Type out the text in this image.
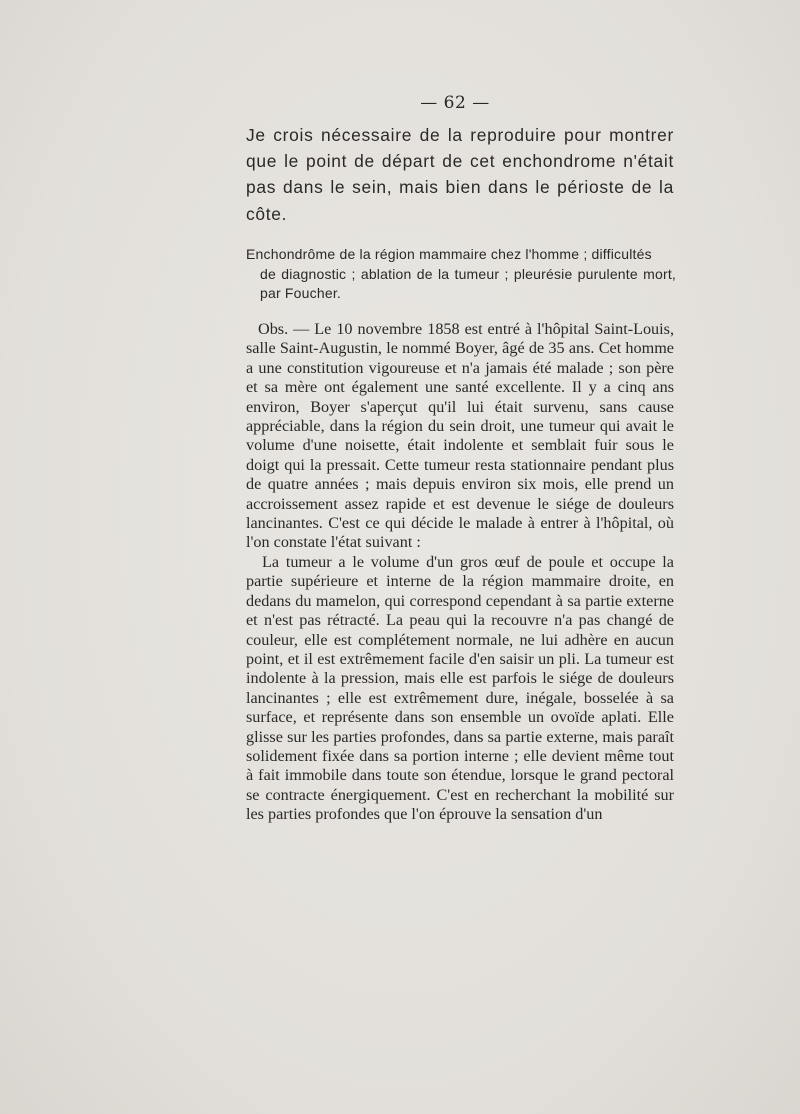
— 62 —
Je crois nécessaire de la reproduire pour montrer que le point de départ de cet enchondrome n'était pas dans le sein, mais bien dans le périoste de la côte.
Enchondrôme de la région mammaire chez l'homme ; difficultés
de diagnostic ; ablation de la tumeur ; pleurésie purulente mort, par Foucher.

Obs. — Le 10 novembre 1858 est entré à l'hôpital Saint-Louis, salle Saint-Augustin, le nommé Boyer, âgé de 35 ans. Cet homme a une constitution vigoureuse et n'a jamais été malade ; son père et sa mère ont également une santé excellente. Il y a cinq ans environ, Boyer s'aperçut qu'il lui était survenu, sans cause appréciable, dans la région du sein droit, une tumeur qui avait le volume d'une noisette, était indolente et semblait fuir sous le doigt qui la pressait. Cette tumeur resta stationnaire pendant plus de quatre années ; mais depuis environ six mois, elle prend un accroissement assez rapide et est devenue le siége de douleurs lancinantes. C'est ce qui décide le malade à entrer à l'hôpital, où l'on constate l'état suivant :

La tumeur a le volume d'un gros œuf de poule et occupe la partie supérieure et interne de la région mammaire droite, en dedans du mamelon, qui correspond cependant à sa partie externe et n'est pas rétracté. La peau qui la recouvre n'a pas changé de couleur, elle est complétement normale, ne lui adhère en aucun point, et il est extrêmement facile d'en saisir un pli. La tumeur est indolente à la pression, mais elle est parfois le siége de douleurs lancinantes ; elle est extrêmement dure, inégale, bosselée à sa surface, et représente dans son ensemble un ovoïde aplati. Elle glisse sur les parties profondes, dans sa partie externe, mais paraît solidement fixée dans sa portion interne ; elle devient même tout à fait immobile dans toute son étendue, lorsque le grand pectoral se contracte énergiquement. C'est en recherchant la mobilité sur les parties profondes que l'on éprouve la sensation d'un
